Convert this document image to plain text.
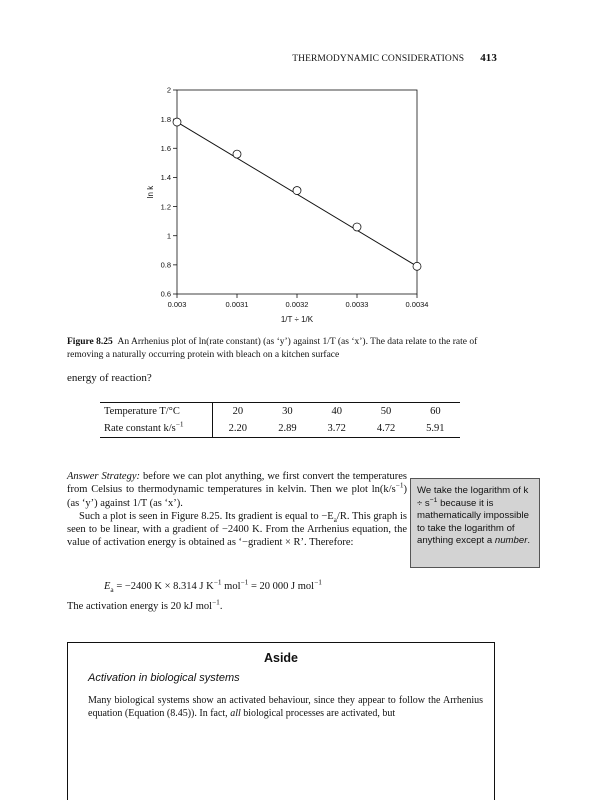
THERMODYNAMIC CONSIDERATIONS 413
0.6
0.8
1
1.2
1.4
1.6
1.8
2
0.003	0.0031	0.0032	0.0033	0.0034
1/T ÷ 1/K
ln k
Figure 8.25 An Arrhenius plot of ln(rate constant) (as ‘y’) against 1/T (as ‘x’). The data relate to the rate of removing a naturally occurring protein with bleach on a kitchen surface
energy of reaction?
Temperature T/°C	20	30	40	50	60
Rate constant $k/s^{-1}$	2.20	2.89	3.72	4.72	5.91

Answer Strategy: before we can plot anything, we first convert the temperatures from Celsius to thermodynamic temperatures in kelvin. Then we plot $\ln(k/s^{-1})$ (as ‘y’) against 1/T (as ‘x’).

Such a plot is seen in Figure 8.25. Its gradient is equal to $-E_a/R$. This graph is seen to be linear, with a gradient of −2400 K. From the Arrhenius equation, the value of activation energy is obtained as ‘−gradient × R’. Therefore:

We take the logarithm of $k \div s^{-1}$ because it is mathematically impossible to take the logarithm of anything except a number.
$E_a = -2400$ K × 8.314 J $K^{-1}$ mol$^{-1}$ = 20 000 J mol$^{-1}$
The activation energy is 20 kJ mol$^{-1}$.
Aside
Activation in biological systems
Many biological systems show an activated behaviour, since they appear to follow the Arrhenius equation (Equation (8.45)). In fact, all biological processes are activated, but
